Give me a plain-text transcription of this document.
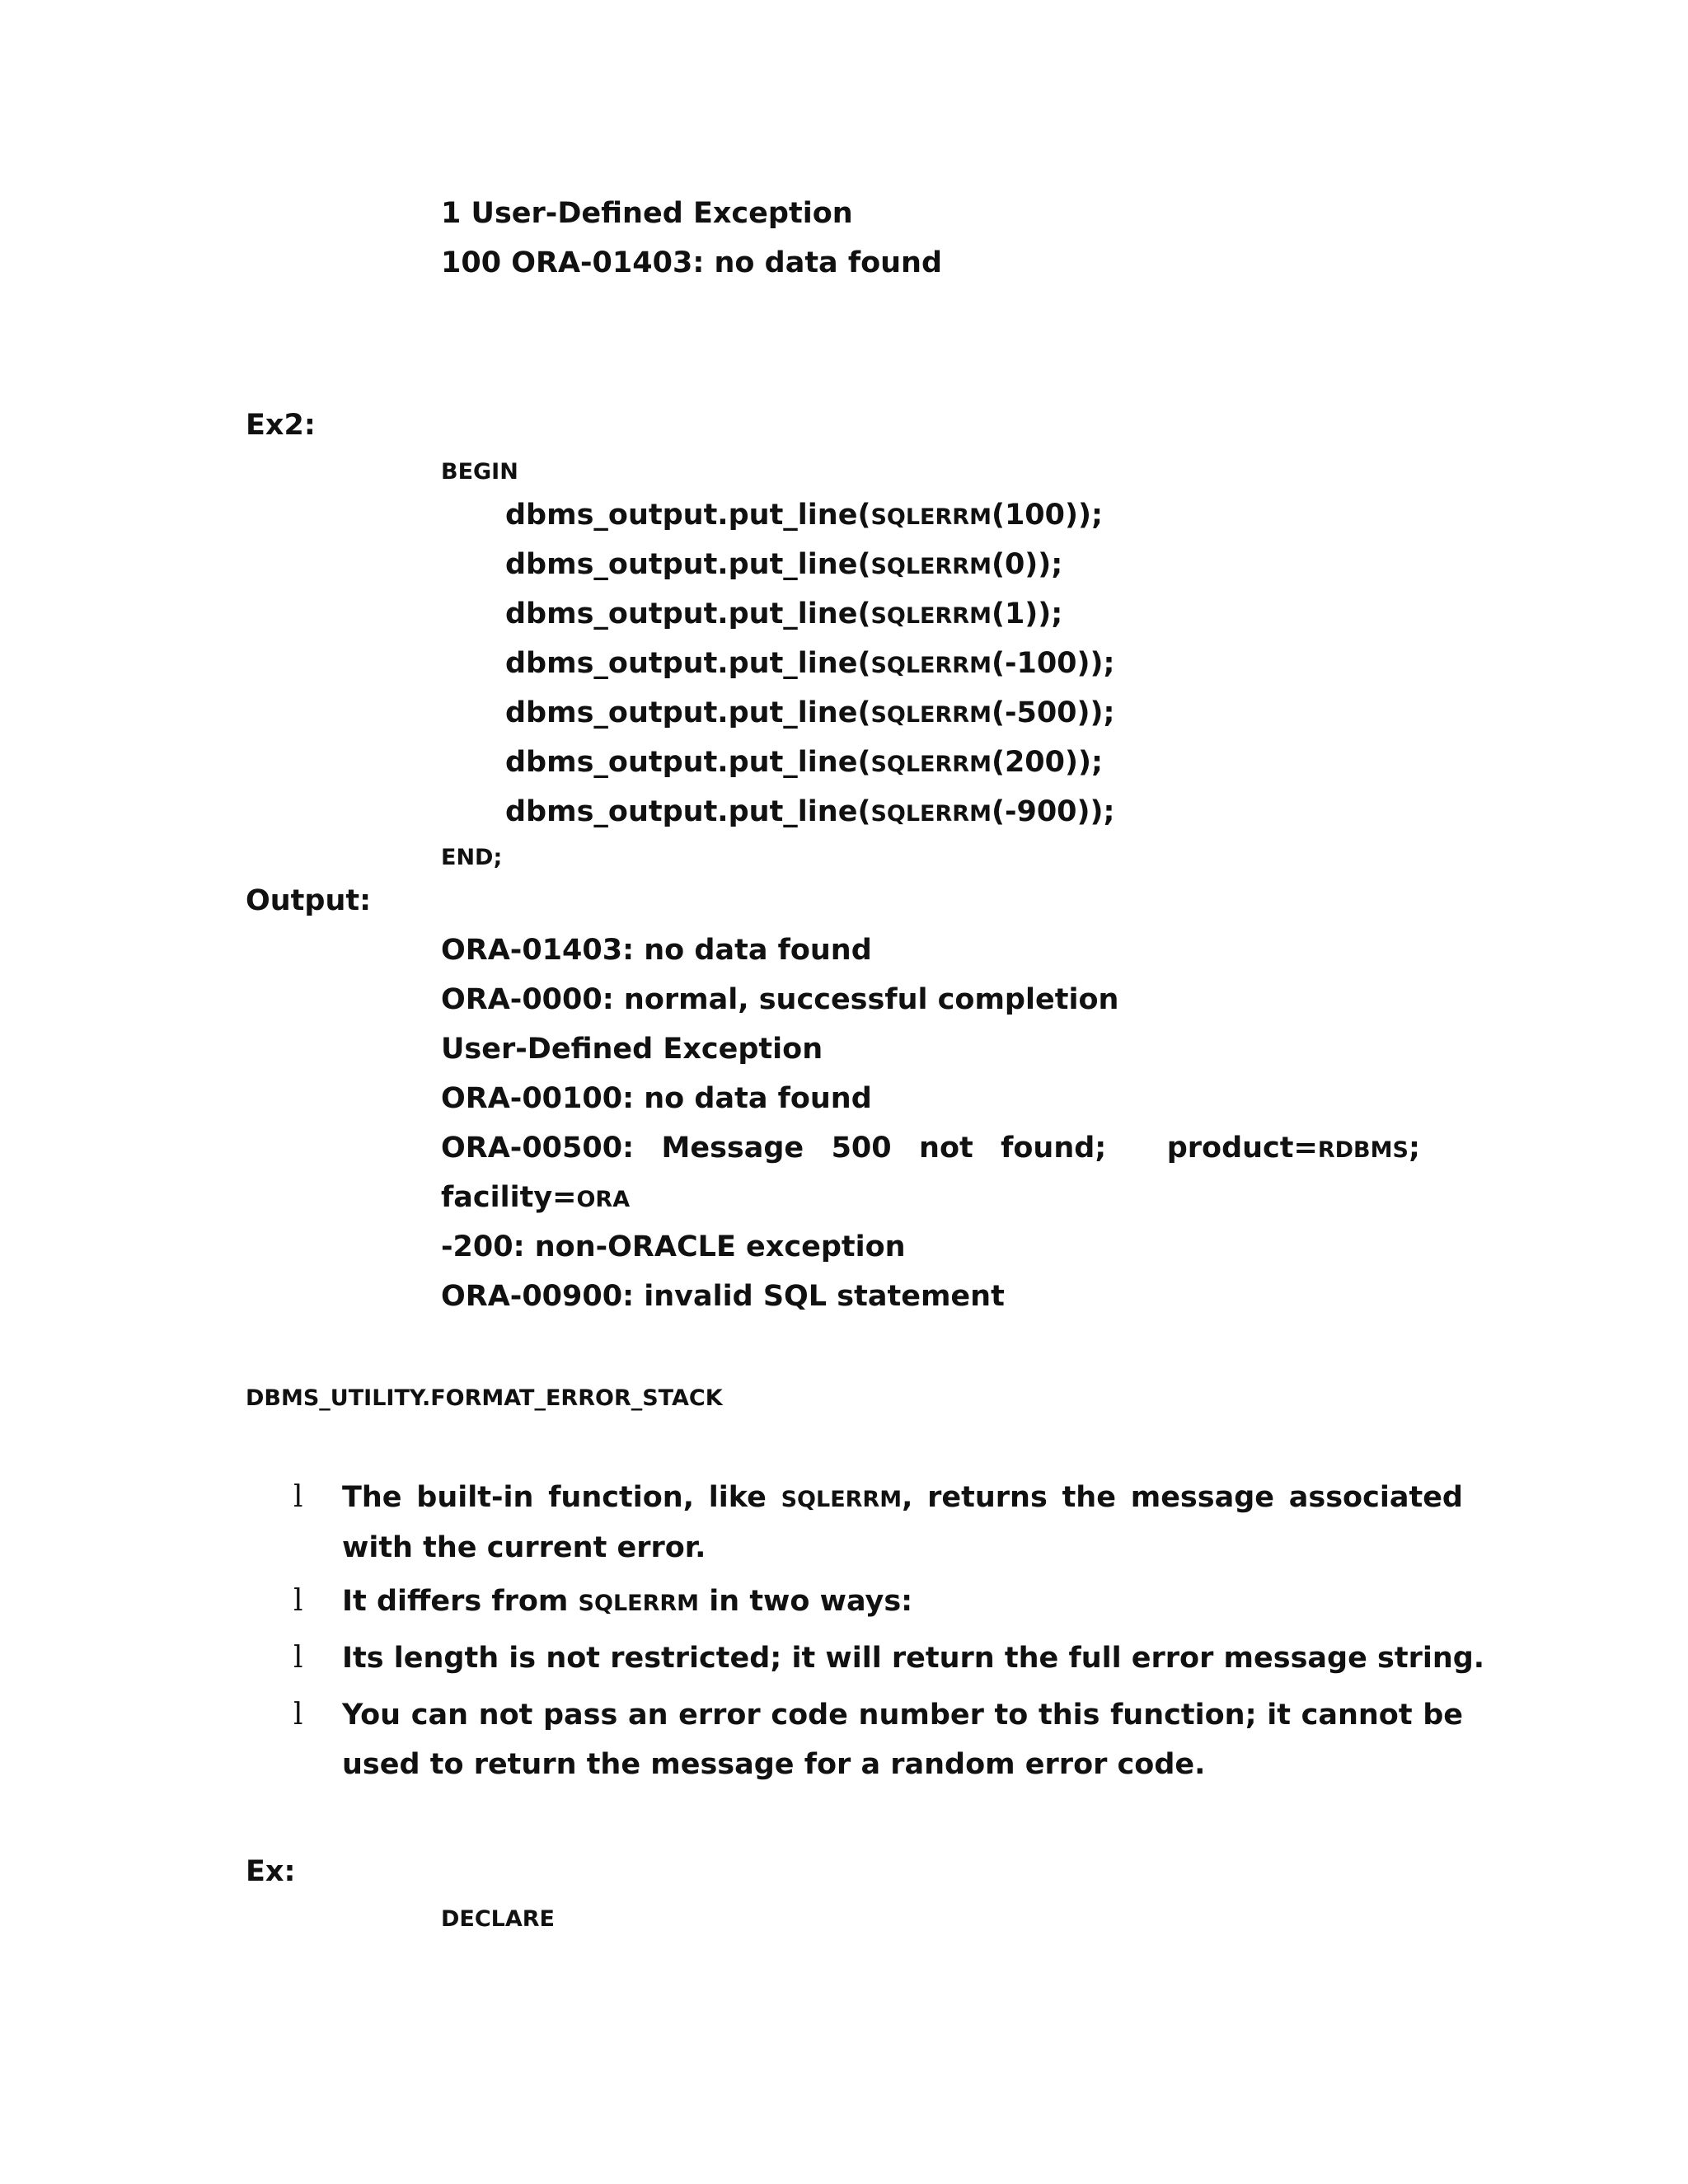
1 User-Defined Exception
100 ORA-01403: no data found
Ex2:
BEGIN
dbms_output.put_line(SQLERRM(100));
dbms_output.put_line(SQLERRM(0));
dbms_output.put_line(SQLERRM(1));
dbms_output.put_line(SQLERRM(-100));
dbms_output.put_line(SQLERRM(-500));
dbms_output.put_line(SQLERRM(200));
dbms_output.put_line(SQLERRM(-900));
END;
Output:
ORA-01403: no data found
ORA-0000: normal, successful completion
User-Defined Exception
ORA-00100: no data found
ORA-00500: Message 500 not found; product=RDBMS;
facility=ORA
-200: non-ORACLE exception
ORA-00900: invalid SQL statement
DBMS_UTILITY.FORMAT_ERROR_STACK
l The built-in function, like SQLERRM, returns the message associated
with the current error.
l It differs from SQLERRM in two ways:
l Its length is not restricted; it will return the full error message string.
l You can not pass an error code number to this function; it cannot be
used to return the message for a random error code.
Ex:
DECLARE
